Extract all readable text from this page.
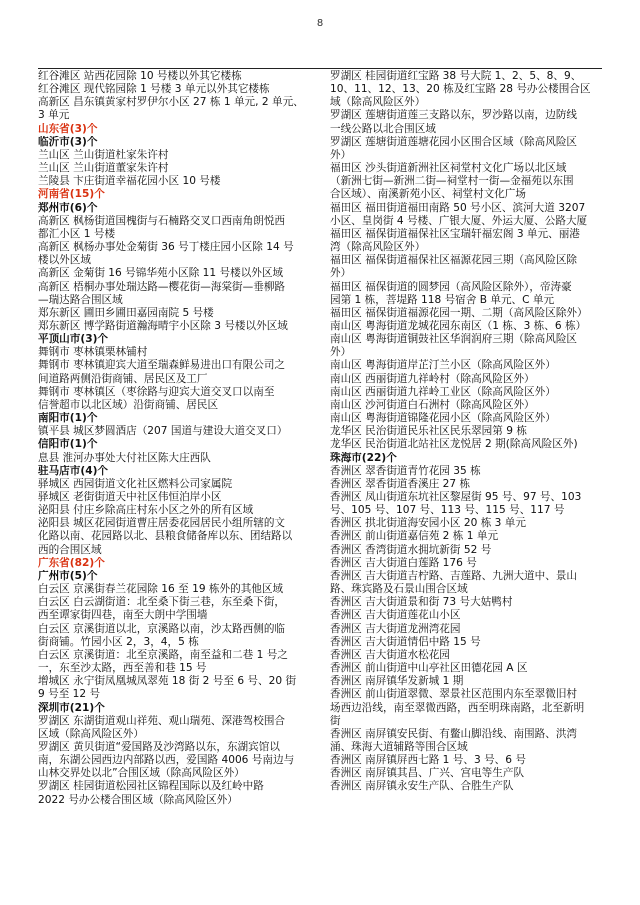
8
红谷滩区 站西花园除 10 号楼以外其它楼栋
红谷滩区 现代铭园除 1 号楼 3 单元以外其它楼栋
高新区 昌东镇黄家村罗伊尔小区 27 栋 1 单元, 2 单元、
3 单元
山东省(3)个
临沂市(3)个
兰山区 兰山街道杜家朱许村
兰山区 兰山街道董家朱许村
兰陵县 卞庄街道幸福花园小区 10 号楼
河南省(15)个
郑州市(6)个
高新区 枫杨街道国槐街与石楠路交叉口西南角朗悦西
都汇小区 1 号楼
高新区 枫杨办事处金菊街 36 号丁楼庄园小区除 14 号
楼以外区域
高新区 金菊街 16 号锦华苑小区除 11 号楼以外区域
高新区 梧桐办事处瑞达路—樱花街—海棠街—垂柳路
—瑞达路合围区域
郑东新区 圃田乡圃田嘉园南院 5 号楼
郑东新区 博学路街道瀚海晴宇小区除 3 号楼以外区域
平顶山市(3)个
舞钢市 枣林镇栗林铺村
舞钢市 枣林镇迎宾大道至瑞森鲜易进出口有限公司之
间道路两侧沿街商铺、居民区及工厂
舞钢市 枣林镇区（枣徐路与迎宾大道交叉口以南至
信誉超市以北区域）沿街商铺、居民区
南阳市(1)个
镇平县 城区梦圆酒店（207 国道与建设大道交叉口）
信阳市(1)个
息县 淮河办事处大付社区陈大庄西队
驻马店市(4)个
驿城区 西园街道文化社区燃料公司家属院
驿城区 老街街道天中社区伟恒泊岸小区
泌阳县 付庄乡除高庄村东小区之外的所有区域
泌阳县 城区花园街道曹庄居委花园居民小组所辖的文
化路以南、花园路以北、县粮食储备库以东、团结路以
西的合围区域
广东省(82)个
广州市(5)个
白云区 京溪街春兰花园除 16 至 19 栋外的其他区域
白云区 白云湖街道：北至桑下街三巷，东至桑下街，
西至谭家街四巷，南至大朗中学围墙
白云区 京溪街道以北，京溪路以南，沙太路西侧的临
街商铺。竹园小区 2，3，4，5 栋
白云区 京溪街道：北至京溪路，南至益和二巷 1 号之
一，东至沙太路，西至善和巷 15 号
增城区 永宁街凤凰城凤翠苑 18 街 2 号至 6 号、20 街
9 号至 12 号
深圳市(21)个
罗湖区 东湖街道观山祥苑、观山瑞苑、深港驾校围合
区域（除高风险区外）
罗湖区 黄贝街道“爱国路及沙湾路以东，东湖宾馆以
南，东湖公园西边内部路以西，爱国路 4006 号南边与
山林交界处以北”合围区域（除高风险区外）
罗湖区 桂园街道松园社区锦程国际以及红岭中路
2022 号办公楼合围区域（除高风险区外）
罗湖区 桂园街道红宝路 38 号大院 1、2、5、8、9、
10、11、12、13、20 栋及红宝路 28 号办公楼围合区
域（除高风险区外）
罗湖区 莲塘街道莲三支路以东，罗沙路以南，边防线
一线公路以北合围区域
罗湖区 莲塘街道莲塘花园小区围合区域（除高风险区
外）
福田区 沙头街道新洲社区祠堂村文化广场以北区域
（新洲七街—新洲二街—祠堂村一街—金福苑以东围
合区域）、南溪新苑小区、祠堂村文化广场
福田区 福田街道福田南路 50 号小区、滨河大道 3207
小区、皇岗街 4 号楼、广银大厦、外运大厦、公路大厦
福田区 福保街道福保社区宝瑞轩福宏阁 3 单元、丽港
湾（除高风险区外）
福田区 福保街道福保社区福源花园三期（高风险区除
外）
福田区 福保街道的圆梦园（高风险区除外），帝涛豪
园第 1 栋，菩堤路 118 号宿舍 B 单元、C 单元
福田区 福保街道福源花园一期、二期（高风险区除外）
南山区 粤海街道龙城花园东南区（1 栋、3 栋、6 栋）
南山区 粤海街道铜鼓社区华润润府三期（除高风险区
外）
南山区 粤海街道岸芷汀兰小区（除高风险区外）
南山区 西丽街道九祥岭村（除高风险区外）
南山区 西丽街道九祥岭工业区（除高风险区外）
南山区 沙河街道白石洲村（除高风险区外）
南山区 粤海街道锦隆花园小区（除高风险区外）
龙华区 民治街道民乐社区民乐翠园第 9 栋
龙华区 民治街道北站社区龙悦居 2 期(除高风险区外)
珠海市(22)个
香洲区 翠香街道青竹花园 35 栋
香洲区 翠香街道香溪庄 27 栋
香洲区 凤山街道东坑社区黎屋街 95 号、97 号、103
号、105 号、107 号、113 号、115 号、117 号
香洲区 拱北街道海安园小区 20 栋 3 单元
香洲区 前山街道嘉信苑 2 栋 1 单元
香洲区 香湾街道水拥坑新街 52 号
香洲区 吉大街道白莲路 176 号
香洲区 吉大街道吉柠路、吉莲路、九洲大道中、景山
路、珠宾路及石景山围合区域
香洲区 吉大街道景和街 73 号大姑鸭村
香洲区 吉大街道莲花山小区
香洲区 吉大街道龙洲湾花园
香洲区 吉大街道情侣中路 15 号
香洲区 吉大街道水松花园
香洲区 前山街道中山亭社区田德花园 A 区
香洲区 南屏镇华发新城 1 期
香洲区 前山街道翠微、翠景社区范围内东至翠微旧村
场西边沿线，南至翠微西路，西至明珠南路，北至新明
街
香洲区 南屏镇安民街、有鳖山脚沿线、南围路、洪湾
涌、珠海大道辅路等围合区域
香洲区 南屏镇屏西七路 1 号、3 号、6 号
香洲区 南屏镇其昌、广兴、宫电等生产队
香洲区 南屏镇永安生产队、合胜生产队
